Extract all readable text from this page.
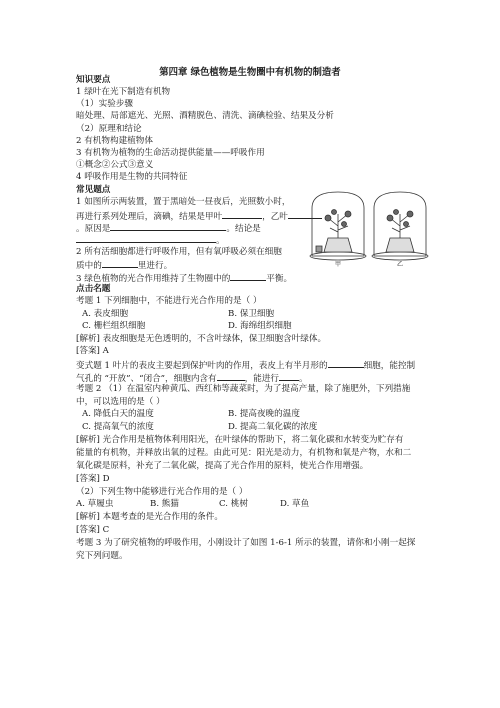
第四章 绿色植物是生物圈中有机物的制造者
知识要点
1 绿叶在光下制造有机物
（1）实验步骤
暗处理、局部遮光、光照、酒精脱色、清洗、滴碘检验、结果及分析
（2）原理和结论
2 有机物构建植物体
3 有机物为植物的生命活动提供能量——呼吸作用
①概念②公式③意义
4 呼吸作用是生物的共同特征
常见题点
1 如图所示两装置，置于黑暗处一昼夜后，光照数小时，
再进行系列处理后，滴碘，结果是甲叶	，乙叶
。原因是	。结论是
。
2 所有活细胞都进行呼吸作用，但有氧呼吸必须在细胞
质中的	里进行。
3 绿色植物的光合作用维持了生物圈中的	平衡。
甲	乙
点击名题
考题 1 下列细胞中，不能进行光合作用的是（ ）
A. 表皮细胞	B. 保卫细胞
C. 栅栏组织细胞	D. 海绵组织细胞
[解析] 表皮细胞是无色透明的，不含叶绿体，保卫细胞含叶绿体。
[答案] A
变式题 1 叶片的表皮主要起到保护叶肉的作用，表皮上有半月形的	细胞，能控制
气孔的 “开放”、“闭合”，细胞内含有	，能进行 。
考题 2 （1）在温室内种黄瓜、西红柿等蔬菜时，为了提高产量，除了施肥外，下列措施
中，可以选用的是（ ）
A. 降低白天的温度	B. 提高夜晚的温度
C. 提高氧气的浓度	D. 提高二氧化碳的浓度
[解析] 光合作用是植物体利用阳光，在叶绿体的帮助下，将二氧化碳和水转变为贮存有
能量的有机物，并释放出氧的过程。由此可见：阳光是动力，有机物和氧是产物，水和二
氧化碳是原料，补充了二氧化碳，提高了光合作用的原料，使光合作用增强。
[答案] D
（2）下列生物中能够进行光合作用的是（ ）
A. 草履虫	B. 熊猫	C. 桃树	D. 草鱼
[解析] 本题考查的是光合作用的条件。
[答案] C
考题 3 为了研究植物的呼吸作用，小刚设计了如图 1-6-1 所示的装置，请你和小刚一起探
究下列问题。
